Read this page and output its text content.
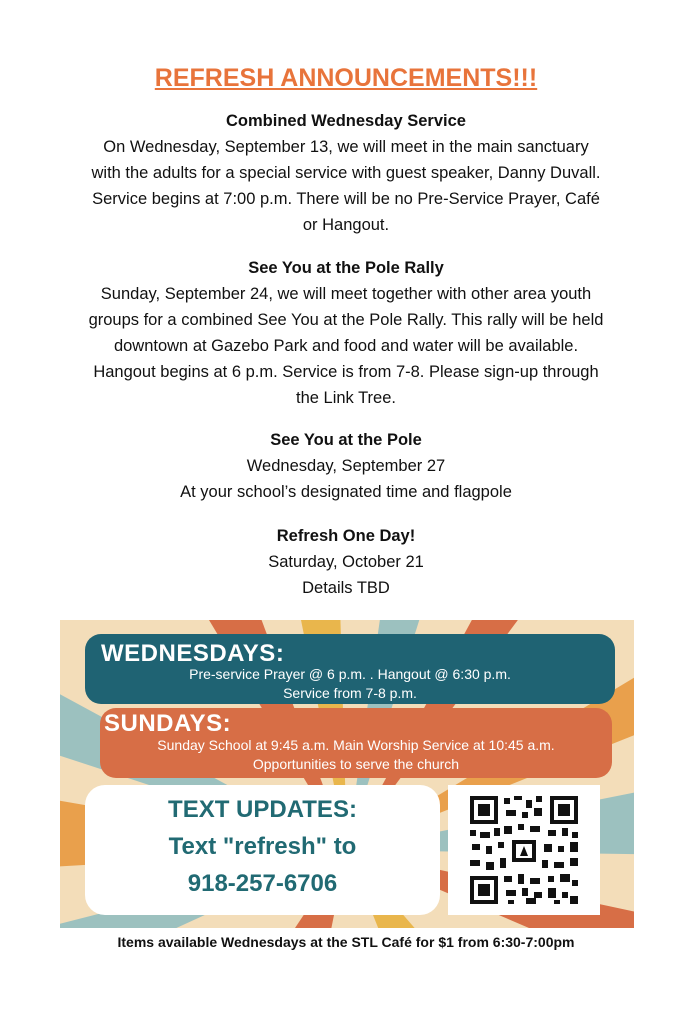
REFRESH ANNOUNCEMENTS!!!

Combined Wednesday Service

On Wednesday, September 13, we will meet in the main sanctuary

with the adults for a special service with guest speaker, Danny Duvall.

Service begins at 7:00 p.m. There will be no Pre-Service Prayer, Café

or Hangout.

See You at the Pole Rally

Sunday, September 24, we will meet together with other area youth

groups for a combined See You at the Pole Rally. This rally will be held

downtown at Gazebo Park and food and water will be available.

Hangout begins at 6 p.m. Service is from 7-8. Please sign-up through

the Link Tree.

See You at the Pole

Wednesday, September 27

At your school’s designated time and flagpole

Refresh One Day!

Saturday, October 21

Details TBD

WEDNESDAYS:
Pre-service Prayer @ 6 p.m. . Hangout @ 6:30 p.m.
Service from 7-8 p.m.
SUNDAYS:
Sunday School at 9:45 a.m. Main Worship Service at 10:45 a.m.
Opportunities to serve the church
TEXT UPDATES:
Text "refresh" to
918-257-6706
Items available Wednesdays at the STL Café for $1 from 6:30-7:00pm
